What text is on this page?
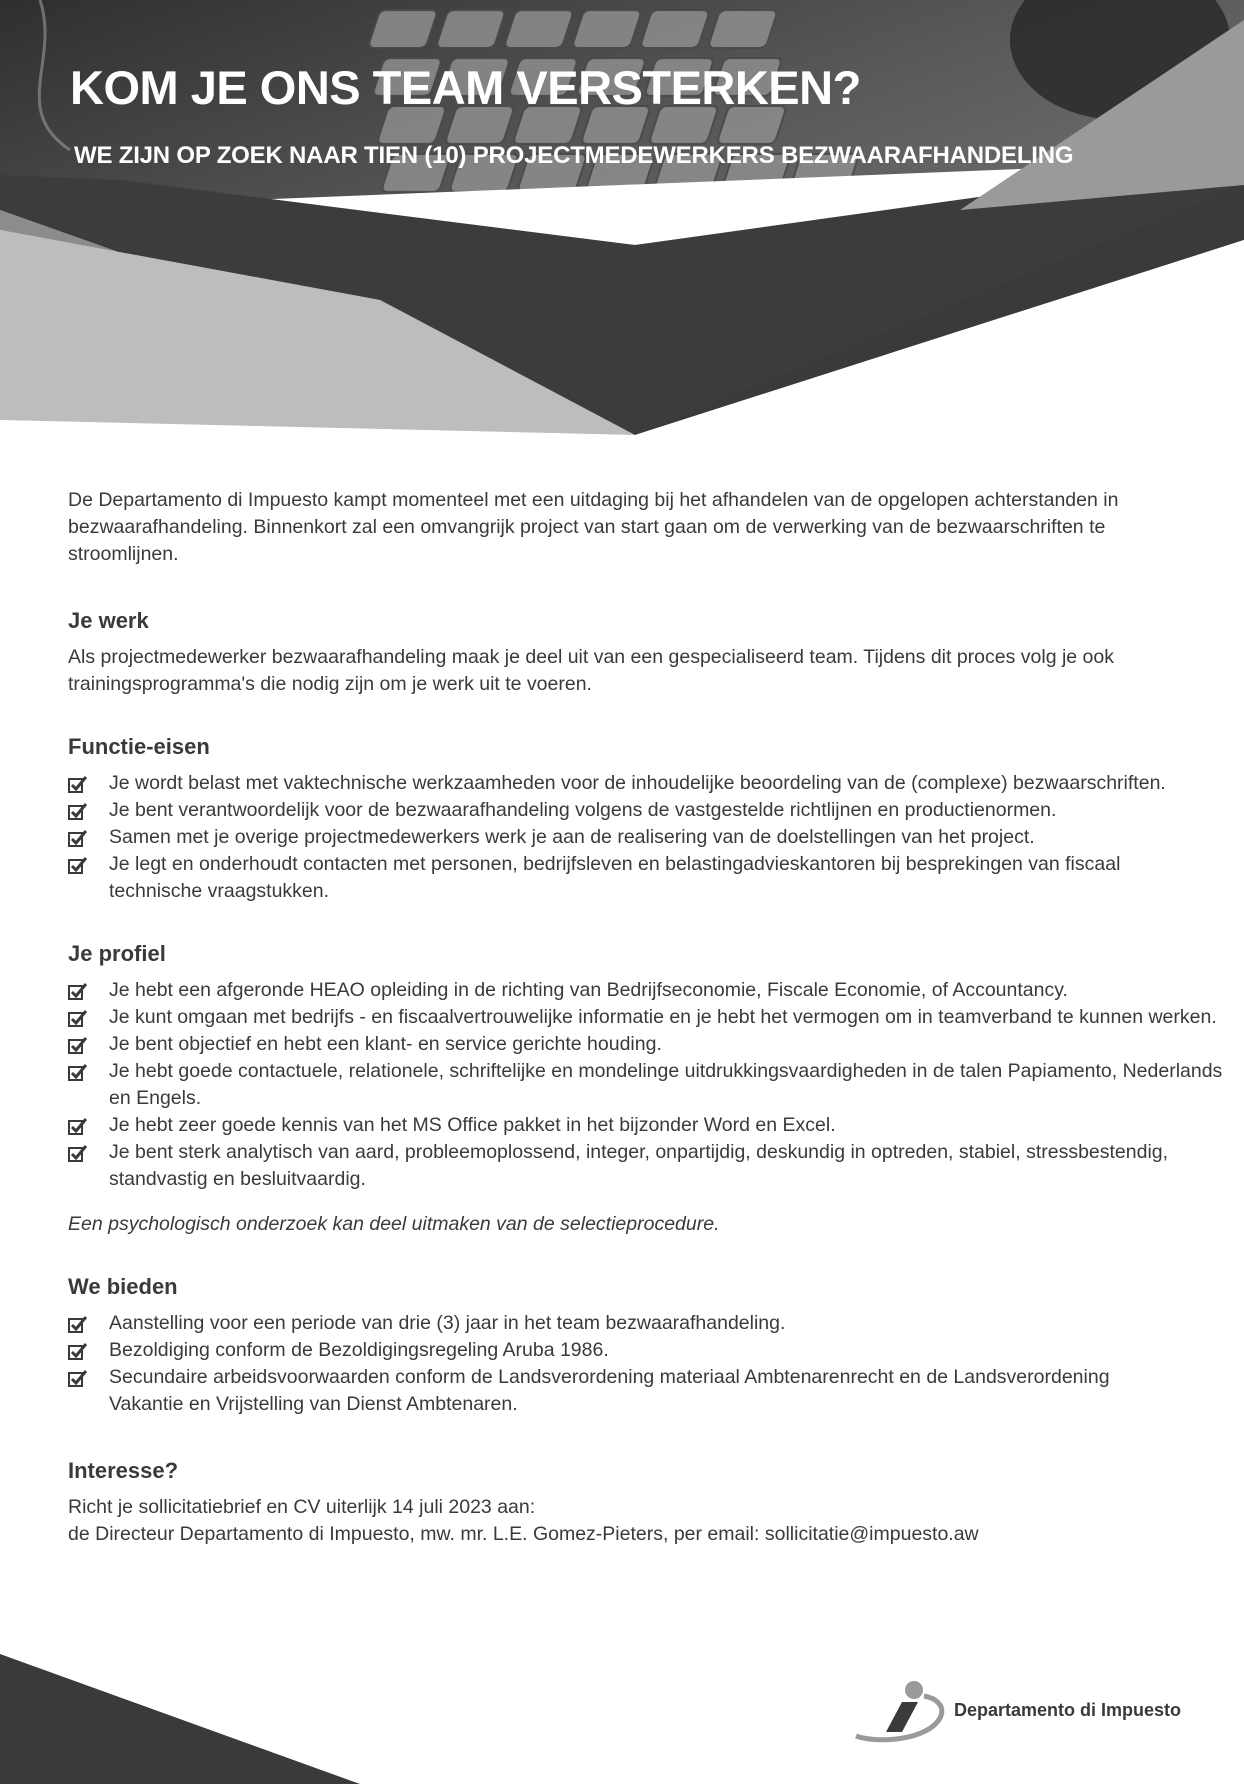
KOM JE ONS TEAM VERSTERKEN?
WE ZIJN OP ZOEK NAAR TIEN (10) PROJECTMEDEWERKERS BEZWAARAFHANDELING

De Departamento di Impuesto kampt momenteel met een uitdaging bij het afhandelen van de opgelopen achterstanden in bezwaarafhandeling. Binnenkort zal een omvangrijk project van start gaan om de verwerking van de bezwaarschriften te stroomlijnen.

Je werk

Als projectmedewerker bezwaarafhandeling maak je deel uit van een gespecialiseerd team. Tijdens dit proces volg je ook trainingsprogramma's die nodig zijn om je werk uit te voeren.

Functie-eisen
Je wordt belast met vaktechnische werkzaamheden voor de inhoudelijke beoordeling van de (complexe) bezwaarschriften.
Je bent verantwoordelijk voor de bezwaarafhandeling volgens de vastgestelde richtlijnen en productienormen.
Samen met je overige projectmedewerkers werk je aan de realisering van de doelstellingen van het project.
Je legt en onderhoudt contacten met personen, bedrijfsleven en belastingadvieskantoren bij besprekingen van fiscaal technische vraagstukken.
Je profiel
Je hebt een afgeronde HEAO opleiding in de richting van Bedrijfseconomie, Fiscale Economie, of Accountancy.
Je kunt omgaan met bedrijfs - en fiscaalvertrouwelijke informatie en je hebt het vermogen om in teamverband te kunnen werken.
Je bent objectief en hebt een klant- en service gerichte houding.
Je hebt goede contactuele, relationele, schriftelijke en mondelinge uitdrukkingsvaardigheden in de talen Papiamento, Nederlands en Engels.
Je hebt zeer goede kennis van het MS Office pakket in het bijzonder Word en Excel.
Je bent sterk analytisch van aard, probleemoplossend, integer, onpartijdig, deskundig in optreden, stabiel, stressbestendig, standvastig en besluitvaardig.

Een psychologisch onderzoek kan deel uitmaken van de selectieprocedure.

We bieden
Aanstelling voor een periode van drie (3) jaar in het team bezwaarafhandeling.
Bezoldiging conform de Bezoldigingsregeling Aruba 1986.
Secundaire arbeidsvoorwaarden conform de Landsverordening materiaal Ambtenarenrecht en de Landsverordening Vakantie en Vrijstelling van Dienst Ambtenaren.
Interesse?

Richt je sollicitatiebrief en CV uiterlijk 14 juli 2023 aan:

de Directeur Departamento di Impuesto, mw. mr. L.E. Gomez-Pieters, per email: sollicitatie@impuesto.aw

Departamento di Impuesto
